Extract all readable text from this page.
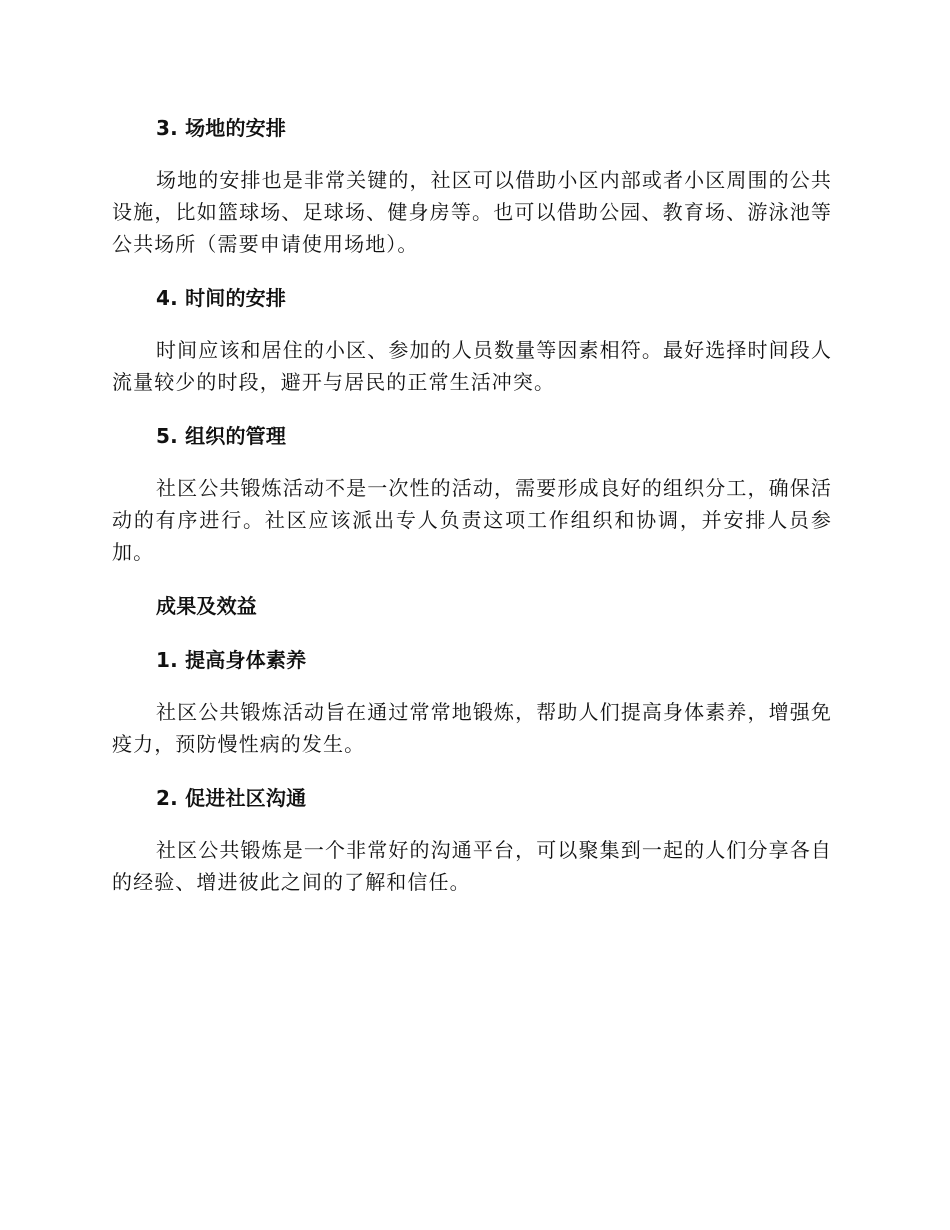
3. 场地的安排

场地的安排也是非常关键的，社区可以借助小区内部或者小区周围的公共设施，比如篮球场、足球场、健身房等。也可以借助公园、教育场、游泳池等公共场所（需要申请使用场地）。

4. 时间的安排

时间应该和居住的小区、参加的人员数量等因素相符。最好选择时间段人流量较少的时段，避开与居民的正常生活冲突。

5. 组织的管理

社区公共锻炼活动不是一次性的活动，需要形成良好的组织分工，确保活动的有序进行。社区应该派出专人负责这项工作组织和协调，并安排人员参加。

成果及效益

1. 提高身体素养

社区公共锻炼活动旨在通过常常地锻炼，帮助人们提高身体素养，增强免疫力，预防慢性病的发生。

2. 促进社区沟通

社区公共锻炼是一个非常好的沟通平台，可以聚集到一起的人们分享各自的经验、增进彼此之间的了解和信任。
